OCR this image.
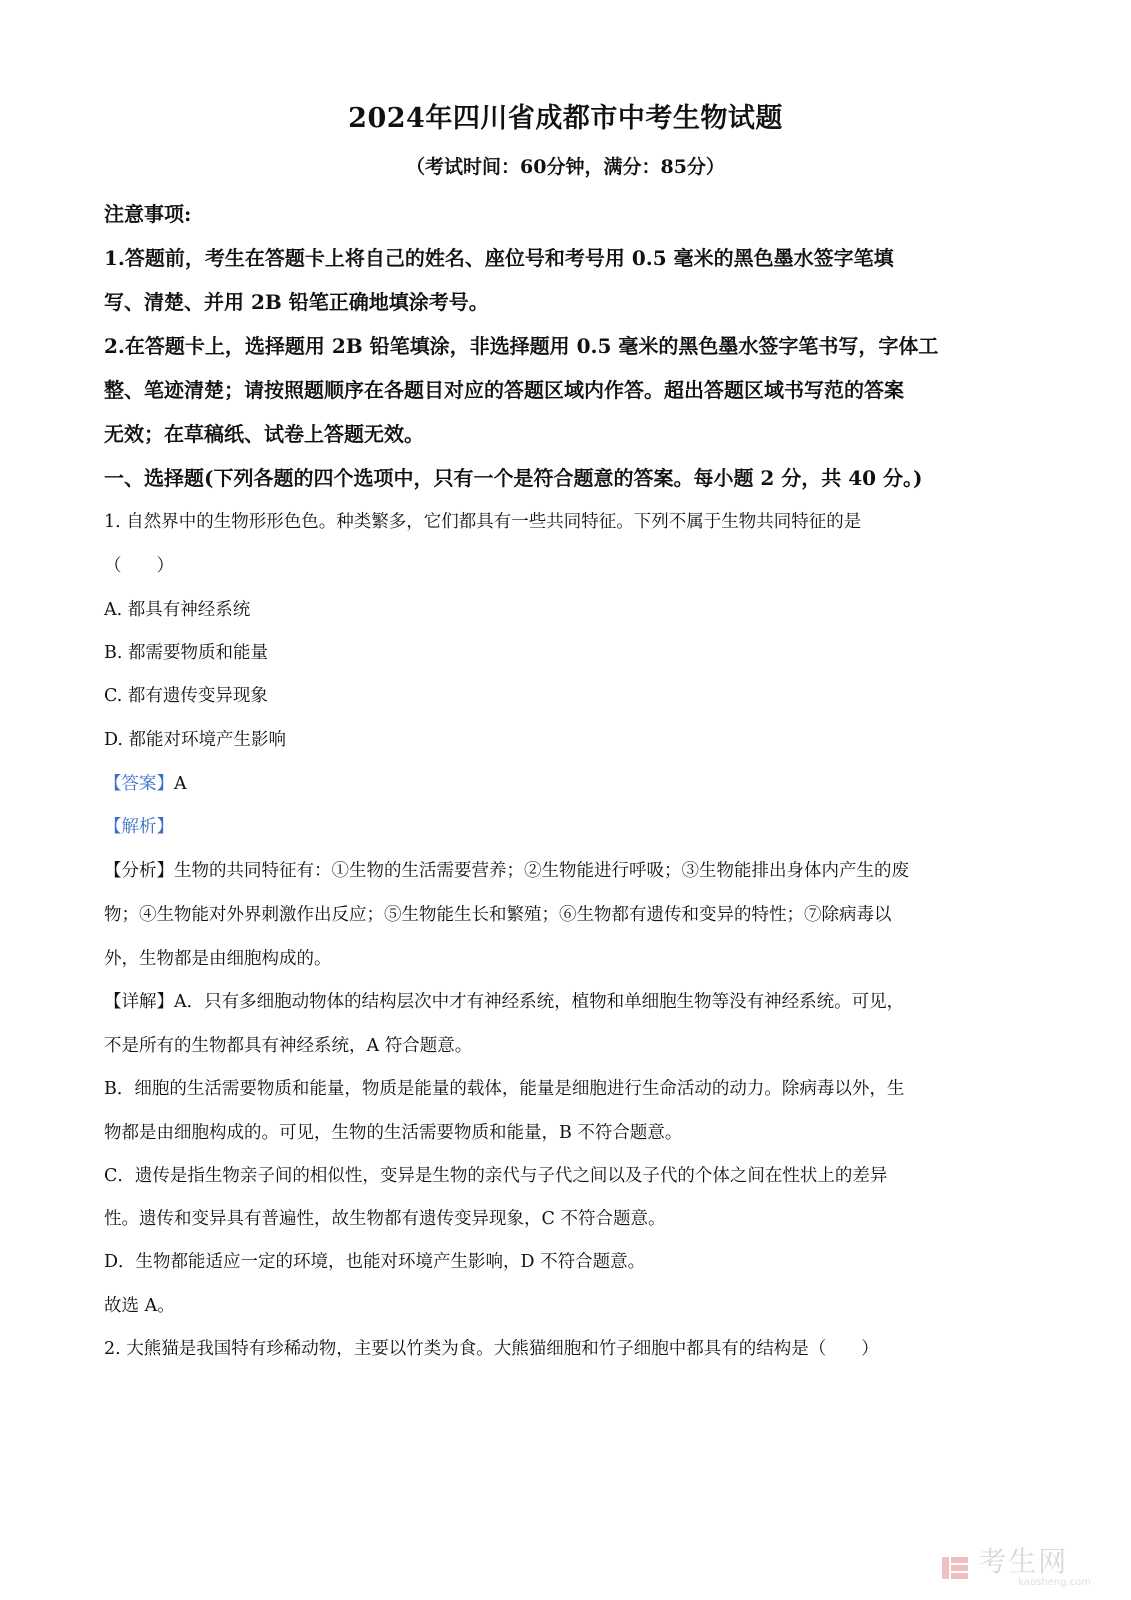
2024年四川省成都市中考生物试题
（考试时间：60分钟，满分：85分）
注意事项:
1.答题前，考生在答题卡上将自己的姓名、座位号和考号用 0.5 毫米的黑色墨水签字笔填
写、清楚、并用 2B 铅笔正确地填涂考号。
2.在答题卡上，选择题用 2B 铅笔填涂，非选择题用 0.5 毫米的黑色墨水签字笔书写，字体工
整、笔迹清楚；请按照题顺序在各题目对应的答题区域内作答。超出答题区域书写范的答案
无效；在草稿纸、试卷上答题无效。
一、选择题(下列各题的四个选项中，只有一个是符合题意的答案。每小题 2 分，共 40 分。)
1. 自然界中的生物形形色色。种类繁多，它们都具有一些共同特征。下列不属于生物共同特征的是
（　　）
A. 都具有神经系统
B. 都需要物质和能量
C. 都有遗传变异现象
D. 都能对环境产生影响
【答案】A
【解析】
【分析】生物的共同特征有：①生物的生活需要营养；②生物能进行呼吸；③生物能排出身体内产生的废
物；④生物能对外界刺激作出反应；⑤生物能生长和繁殖；⑥生物都有遗传和变异的特性；⑦除病毒以
外，生物都是由细胞构成的。
【详解】A．只有多细胞动物体的结构层次中才有神经系统，植物和单细胞生物等没有神经系统。可见，
不是所有的生物都具有神经系统，A 符合题意。
B．细胞的生活需要物质和能量，物质是能量的载体，能量是细胞进行生命活动的动力。除病毒以外，生
物都是由细胞构成的。可见，生物的生活需要物质和能量，B 不符合题意。
C．遗传是指生物亲子间的相似性，变异是生物的亲代与子代之间以及子代的个体之间在性状上的差异
性。遗传和变异具有普遍性，故生物都有遗传变异现象，C 不符合题意。
D．生物都能适应一定的环境，也能对环境产生影响，D 不符合题意。
故选 A。
2. 大熊猫是我国特有珍稀动物，主要以竹类为食。大熊猫细胞和竹子细胞中都具有的结构是（　　）
考生网
kaosheng.com
